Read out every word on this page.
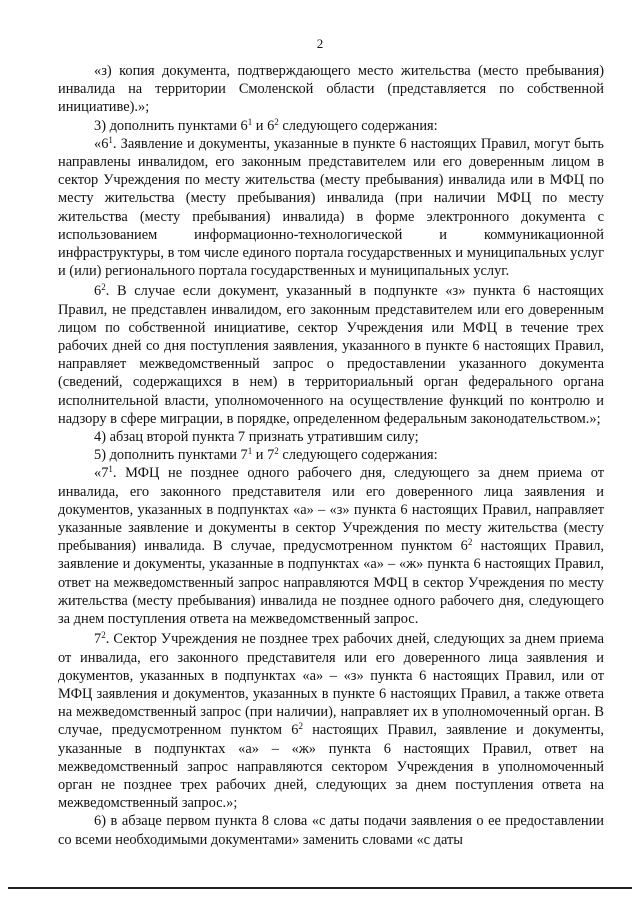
2

«з) копия документа, подтверждающего место жительства (место пребывания) инвалида на территории Смоленской области (представляется по собственной инициативе).»;

3) дополнить пунктами $6^1$ и $6^2$ следующего содержания:

«$6^1$. Заявление и документы, указанные в пункте 6 настоящих Правил, могут быть направлены инвалидом, его законным представителем или его доверенным лицом в сектор Учреждения по месту жительства (месту пребывания) инвалида или в МФЦ по месту жительства (месту пребывания) инвалида (при наличии МФЦ по месту жительства (месту пребывания) инвалида) в форме электронного документа с использованием информационно-технологической и коммуникационной инфраструктуры, в том числе единого портала государственных и муниципальных услуг и (или) регионального портала государственных и муниципальных услуг.

$6^2$. В случае если документ, указанный в подпункте «з» пункта 6 настоящих Правил, не представлен инвалидом, его законным представителем или его доверенным лицом по собственной инициативе, сектор Учреждения или МФЦ в течение трех рабочих дней со дня поступления заявления, указанного в пункте 6 настоящих Правил, направляет межведомственный запрос о предоставлении указанного документа (сведений, содержащихся в нем) в территориальный орган федерального органа исполнительной власти, уполномоченного на осуществление функций по контролю и надзору в сфере миграции, в порядке, определенном федеральным законодательством.»;

4) абзац второй пункта 7 признать утратившим силу;

5) дополнить пунктами $7^1$ и $7^2$ следующего содержания:

«$7^1$. МФЦ не позднее одного рабочего дня, следующего за днем приема от инвалида, его законного представителя или его доверенного лица заявления и документов, указанных в подпунктах «а» – «з» пункта 6 настоящих Правил, направляет указанные заявление и документы в сектор Учреждения по месту жительства (месту пребывания) инвалида. В случае, предусмотренном пунктом $6^2$ настоящих Правил, заявление и документы, указанные в подпунктах «а» – «ж» пункта 6 настоящих Правил, ответ на межведомственный запрос направляются МФЦ в сектор Учреждения по месту жительства (месту пребывания) инвалида не позднее одного рабочего дня, следующего за днем поступления ответа на межведомственный запрос.

$7^2$. Сектор Учреждения не позднее трех рабочих дней, следующих за днем приема от инвалида, его законного представителя или его доверенного лица заявления и документов, указанных в подпунктах «а» – «з» пункта 6 настоящих Правил, или от МФЦ заявления и документов, указанных в пункте 6 настоящих Правил, а также ответа на межведомственный запрос (при наличии), направляет их в уполномоченный орган. В случае, предусмотренном пунктом $6^2$ настоящих Правил, заявление и документы, указанные в подпунктах «а» – «ж» пункта 6 настоящих Правил, ответ на межведомственный запрос направляются сектором Учреждения в уполномоченный орган не позднее трех рабочих дней, следующих за днем поступления ответа на межведомственный запрос.»;

6) в абзаце первом пункта 8 слова «с даты подачи заявления о ее предоставлении со всеми необходимыми документами» заменить словами «с даты
